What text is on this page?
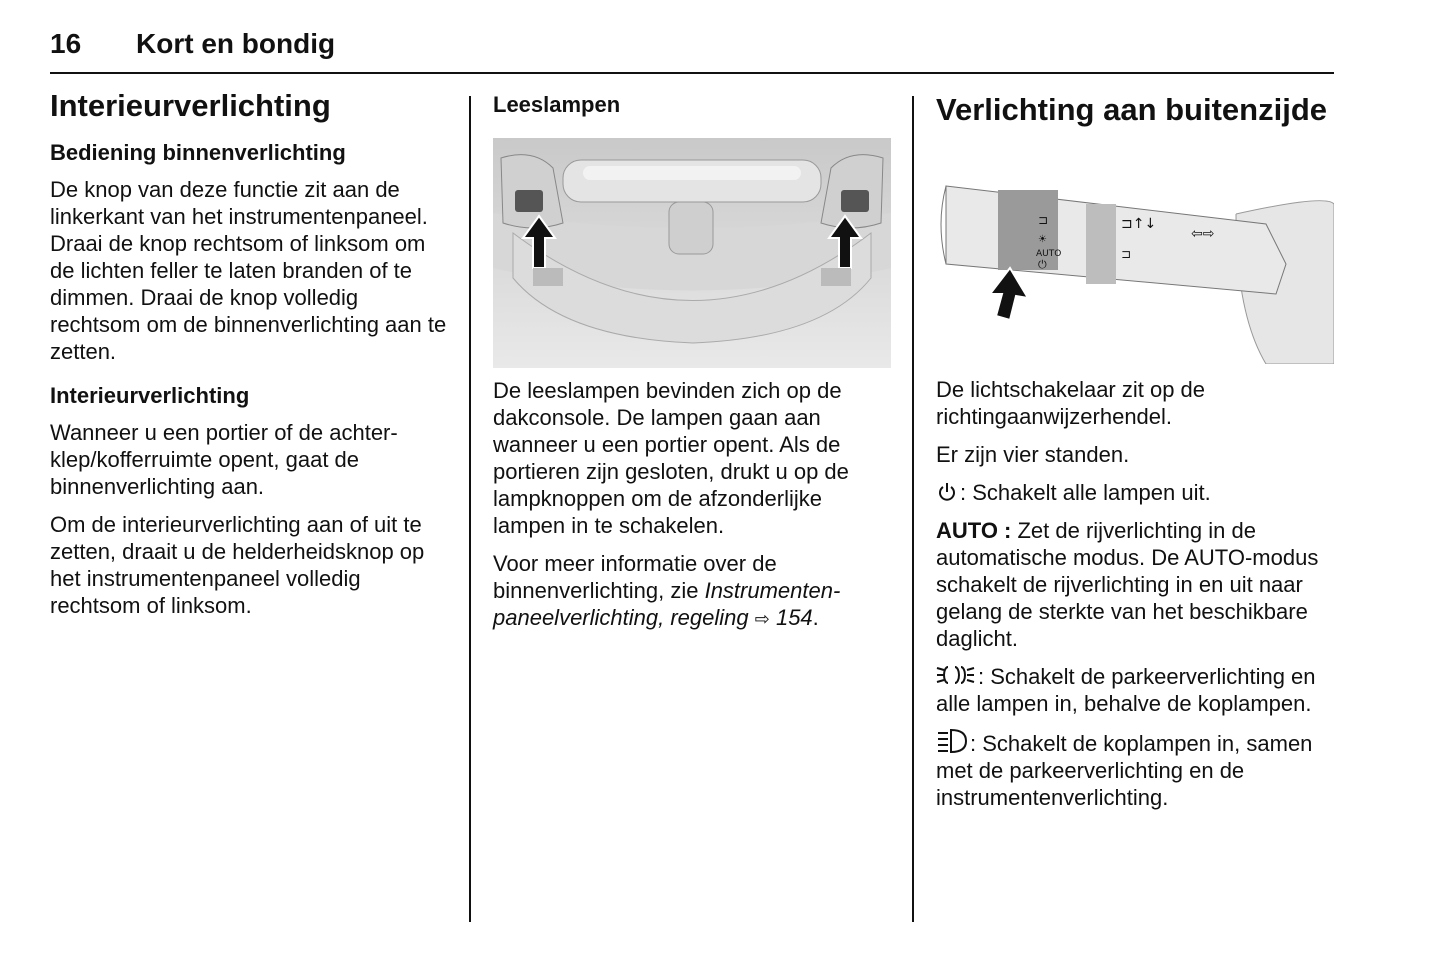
16 Kort en bondig
Interieurverlichting
Bediening binnenverlichting

De knop van deze functie zit aan de linkerkant van het instrumentenpaneel. Draai de knop rechtsom of linksom om de lichten feller te laten branden of te dimmen. Draai de knop volledig rechtsom om de binnenverlichting aan te zetten.

Interieurverlichting

Wanneer u een portier of de achterklep/kofferruimte opent, gaat de binnenverlichting aan.

Om de interieurverlichting aan of uit te zetten, draait u de helderheidsknop op het instrumentenpaneel volledig rechtsom of linksom.

Leeslampen

De leeslampen bevinden zich op de dakconsole. De lampen gaan aan wanneer u een portier opent. Als de portieren zijn gesloten, drukt u op de lampknoppen om de afzonderlijke lampen in te schakelen.

Voor meer informatie over de binnenverlichting, zie Instrumentenpaneelverlichting, regeling ⇨ 154.

Verlichting aan buitenzijde
⊐
☀
AUTO
⏻
⊐↑↓
⇦⇨
⊐

De lichtschakelaar zit op de richtingaanwijzerhendel.

Er zijn vier standen.

: Schakelt alle lampen uit.

AUTO : Zet de rijverlichting in de automatische modus. De AUTO-modus schakelt de rijverlichting in en uit naar gelang de sterkte van het beschikbare daglicht.

: Schakelt de parkeerverlichting en alle lampen in, behalve de koplampen.

: Schakelt de koplampen in, samen met de parkeerverlichting en de instrumentenverlichting.
